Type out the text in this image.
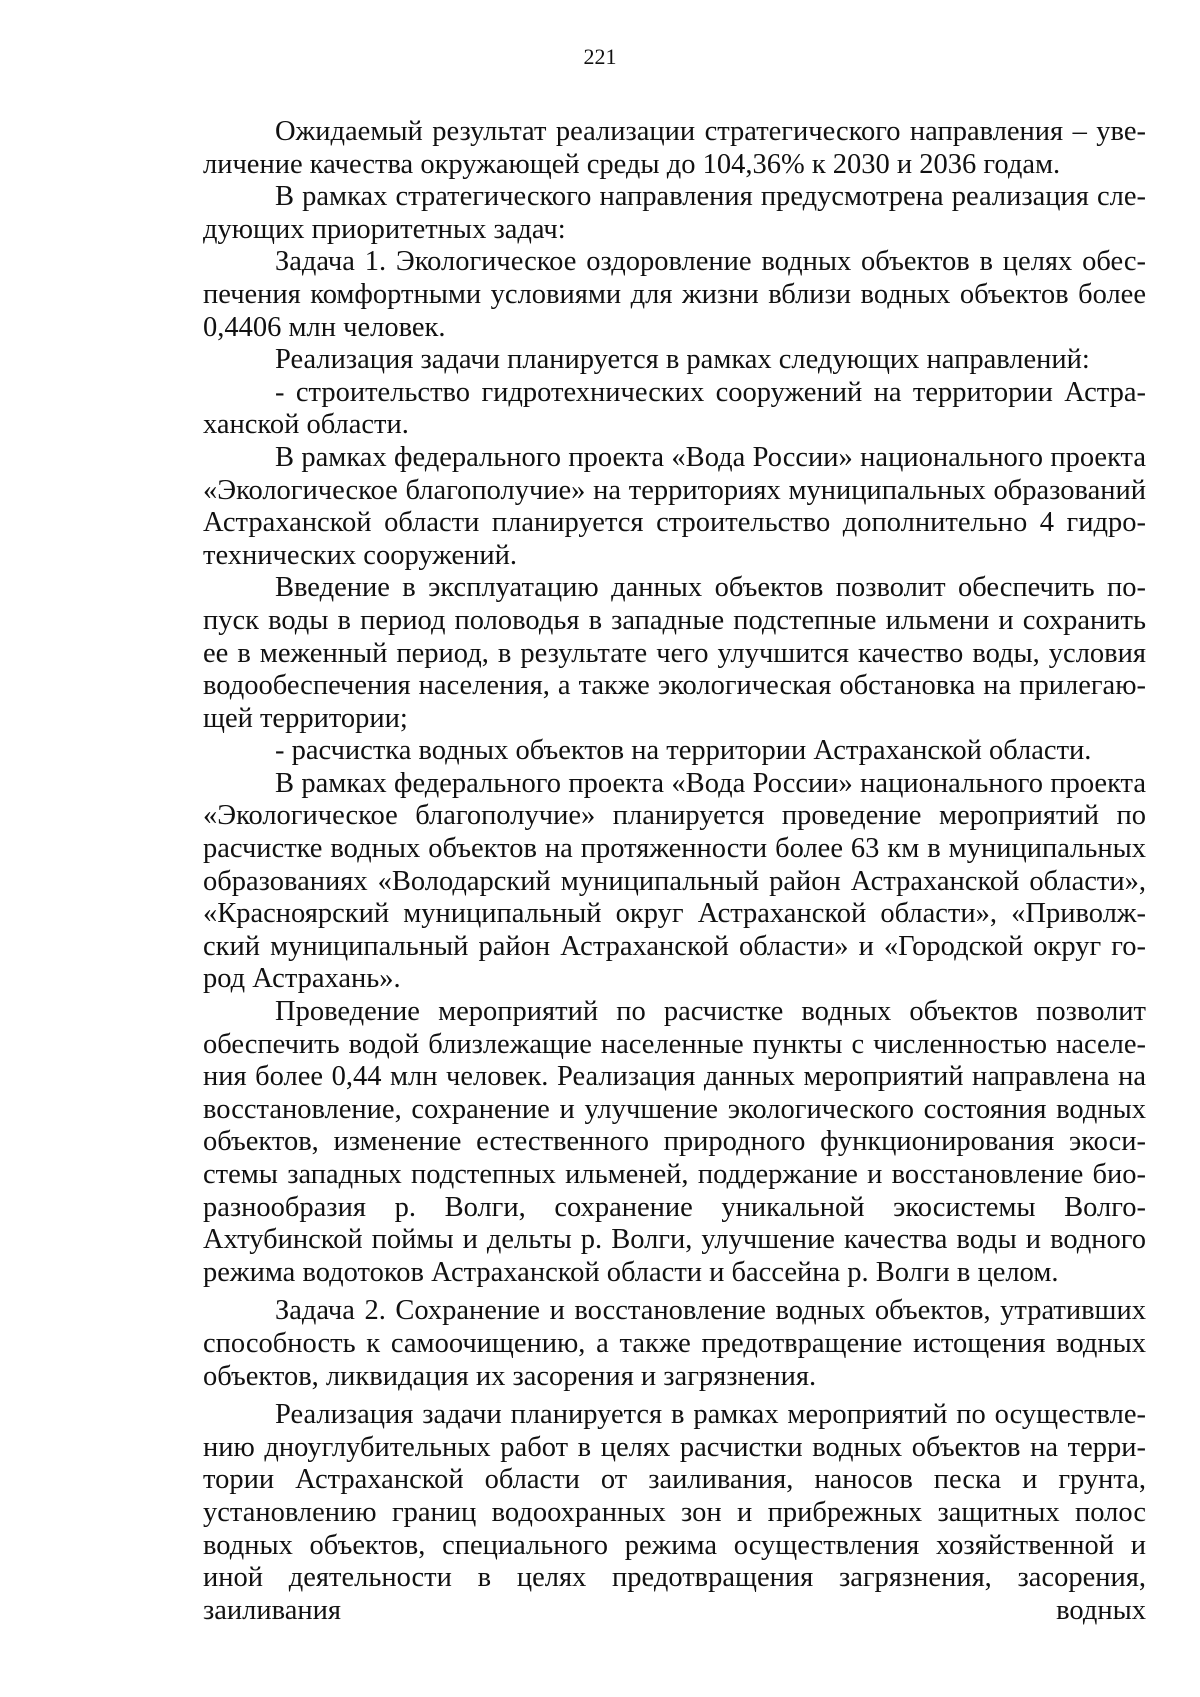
221

Ожидаемый результат реализации стратегического направления – увеличение качества окружающей среды до 104,36% к 2030 и 2036 годам.

В рамках стратегического направления предусмотрена реализация следующих приоритетных задач:

Задача 1. Экологическое оздоровление водных объектов в целях обеспечения комфортными условиями для жизни вблизи водных объектов более 0,4406 млн человек.

Реализация задачи планируется в рамках следующих направлений:

- строительство гидротехнических сооружений на территории Астраханской области.

В рамках федерального проекта «Вода России» национального проекта «Экологическое благополучие» на территориях муниципальных образований Астраханской области планируется строительство дополнительно 4 гидротехнических сооружений.

Введение в эксплуатацию данных объектов позволит обеспечить попуск воды в период половодья в западные подстепные ильмени и сохранить ее в меженный период, в результате чего улучшится качество воды, условия водообеспечения населения, а также экологическая обстановка на прилегающей территории;

- расчистка водных объектов на территории Астраханской области.

В рамках федерального проекта «Вода России» национального проекта «Экологическое благополучие» планируется проведение мероприятий по расчистке водных объектов на протяженности более 63 км в муниципальных образованиях «Володарский муниципальный район Астраханской области», «Красноярский муниципальный округ Астраханской области», «Приволжский муниципальный район Астраханской области» и «Городской округ город Астрахань».

Проведение мероприятий по расчистке водных объектов позволит обеспечить водой близлежащие населенные пункты с численностью населения более 0,44 млн человек. Реализация данных мероприятий направлена на восстановление, сохранение и улучшение экологического состояния водных объектов, изменение естественного природного функционирования экосистемы западных подстепных ильменей, поддержание и восстановление биоразнообразия р. Волги, сохранение уникальной экосистемы Волго-Ахтубинской поймы и дельты р. Волги, улучшение качества воды и водного режима водотоков Астраханской области и бассейна р. Волги в целом.

Задача 2. Сохранение и восстановление водных объектов, утративших способность к самоочищению, а также предотвращение истощения водных объектов, ликвидация их засорения и загрязнения.

Реализация задачи планируется в рамках мероприятий по осуществлению дноуглубительных работ в целях расчистки водных объектов на территории Астраханской области от заиливания, наносов песка и грунта, установлению границ водоохранных зон и прибрежных защитных полос водных объектов, специального режима осуществления хозяйственной и иной деятельности в целях предотвращения загрязнения, засорения, заиливания водных
